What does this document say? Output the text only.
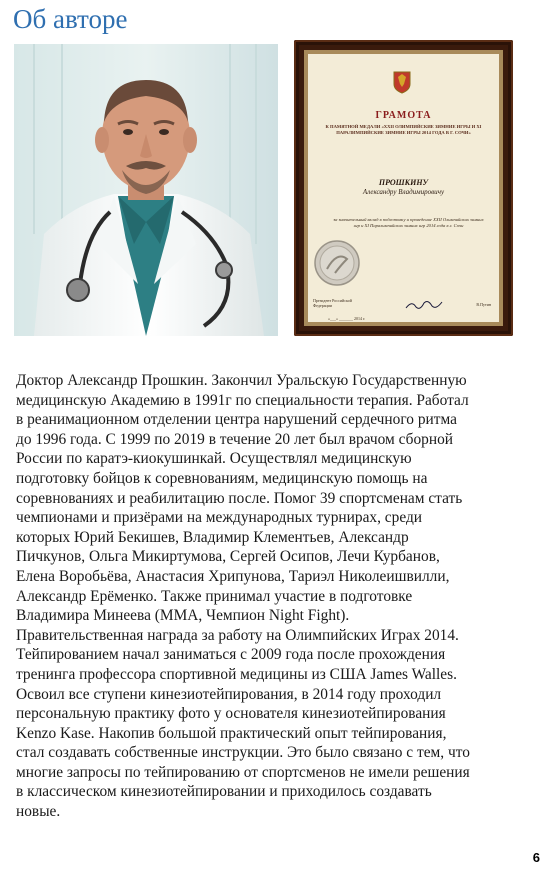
Об авторе
ГРАМОТА
К ПАМЯТНОЙ МЕДАЛИ «XXII ОЛИМПИЙСКИЕ ЗИМНИЕ ИГРЫ И XI ПАРАЛИМПИЙСКИЕ ЗИМНИЕ ИГРЫ 2014 ГОДА В Г. СОЧИ»
ПРОШКИНУ
Александру Владимировичу
за значительный вклад в подготовку и проведение XXII Олимпийских зимних игр и XI Паралимпийских зимних игр 2014 года в г. Сочи
Президент Российской Федерации	В.Путин
«___» _______ 2014 г.
Доктор Александр Прошкин. Закончил Уральскую Государственную
медицинскую Академию в 1991г по специальности терапия. Работал
в реанимационном отделении центра нарушений сердечного ритма
до 1996 года. С 1999 по 2019 в течение 20 лет был врачом сборной
России по каратэ-киокушинкай. Осуществлял медицинскую
подготовку бойцов к соревнованиям, медицинскую помощь на
соревнованиях и реабилитацию после. Помог 39 спортсменам стать
чемпионами и призёрами на международных турнирах, среди
которых Юрий Бекишев, Владимир Клементьев, Александр
Пичкунов, Ольга Микиртумова, Сергей Осипов, Лечи Курбанов,
Елена Воробьёва, Анастасия Хрипунова, Тариэл Николеишвилли,
Александр Ерёменко. Также принимал участие в подготовке
Владимира Минеева (ММА, Чемпион Night Fight).
Правительственная награда за работу на Олимпийских Играх 2014.
Тейпированием начал заниматься с 2009 года после прохождения
тренинга профессора спортивной медицины из США James Walles.
Освоил все ступени кинезиотейпирования, в 2014 году проходил
персональную практику фото у основателя кинезиотейпирования
Kenzo Kase. Накопив большой практический опыт тейпирования,
стал создавать собственные инструкции. Это было связано с тем, что
многие запросы по тейпированию от спортсменов не имели решения
в классическом кинезиотейпировании и приходилось создавать
новые.
6
